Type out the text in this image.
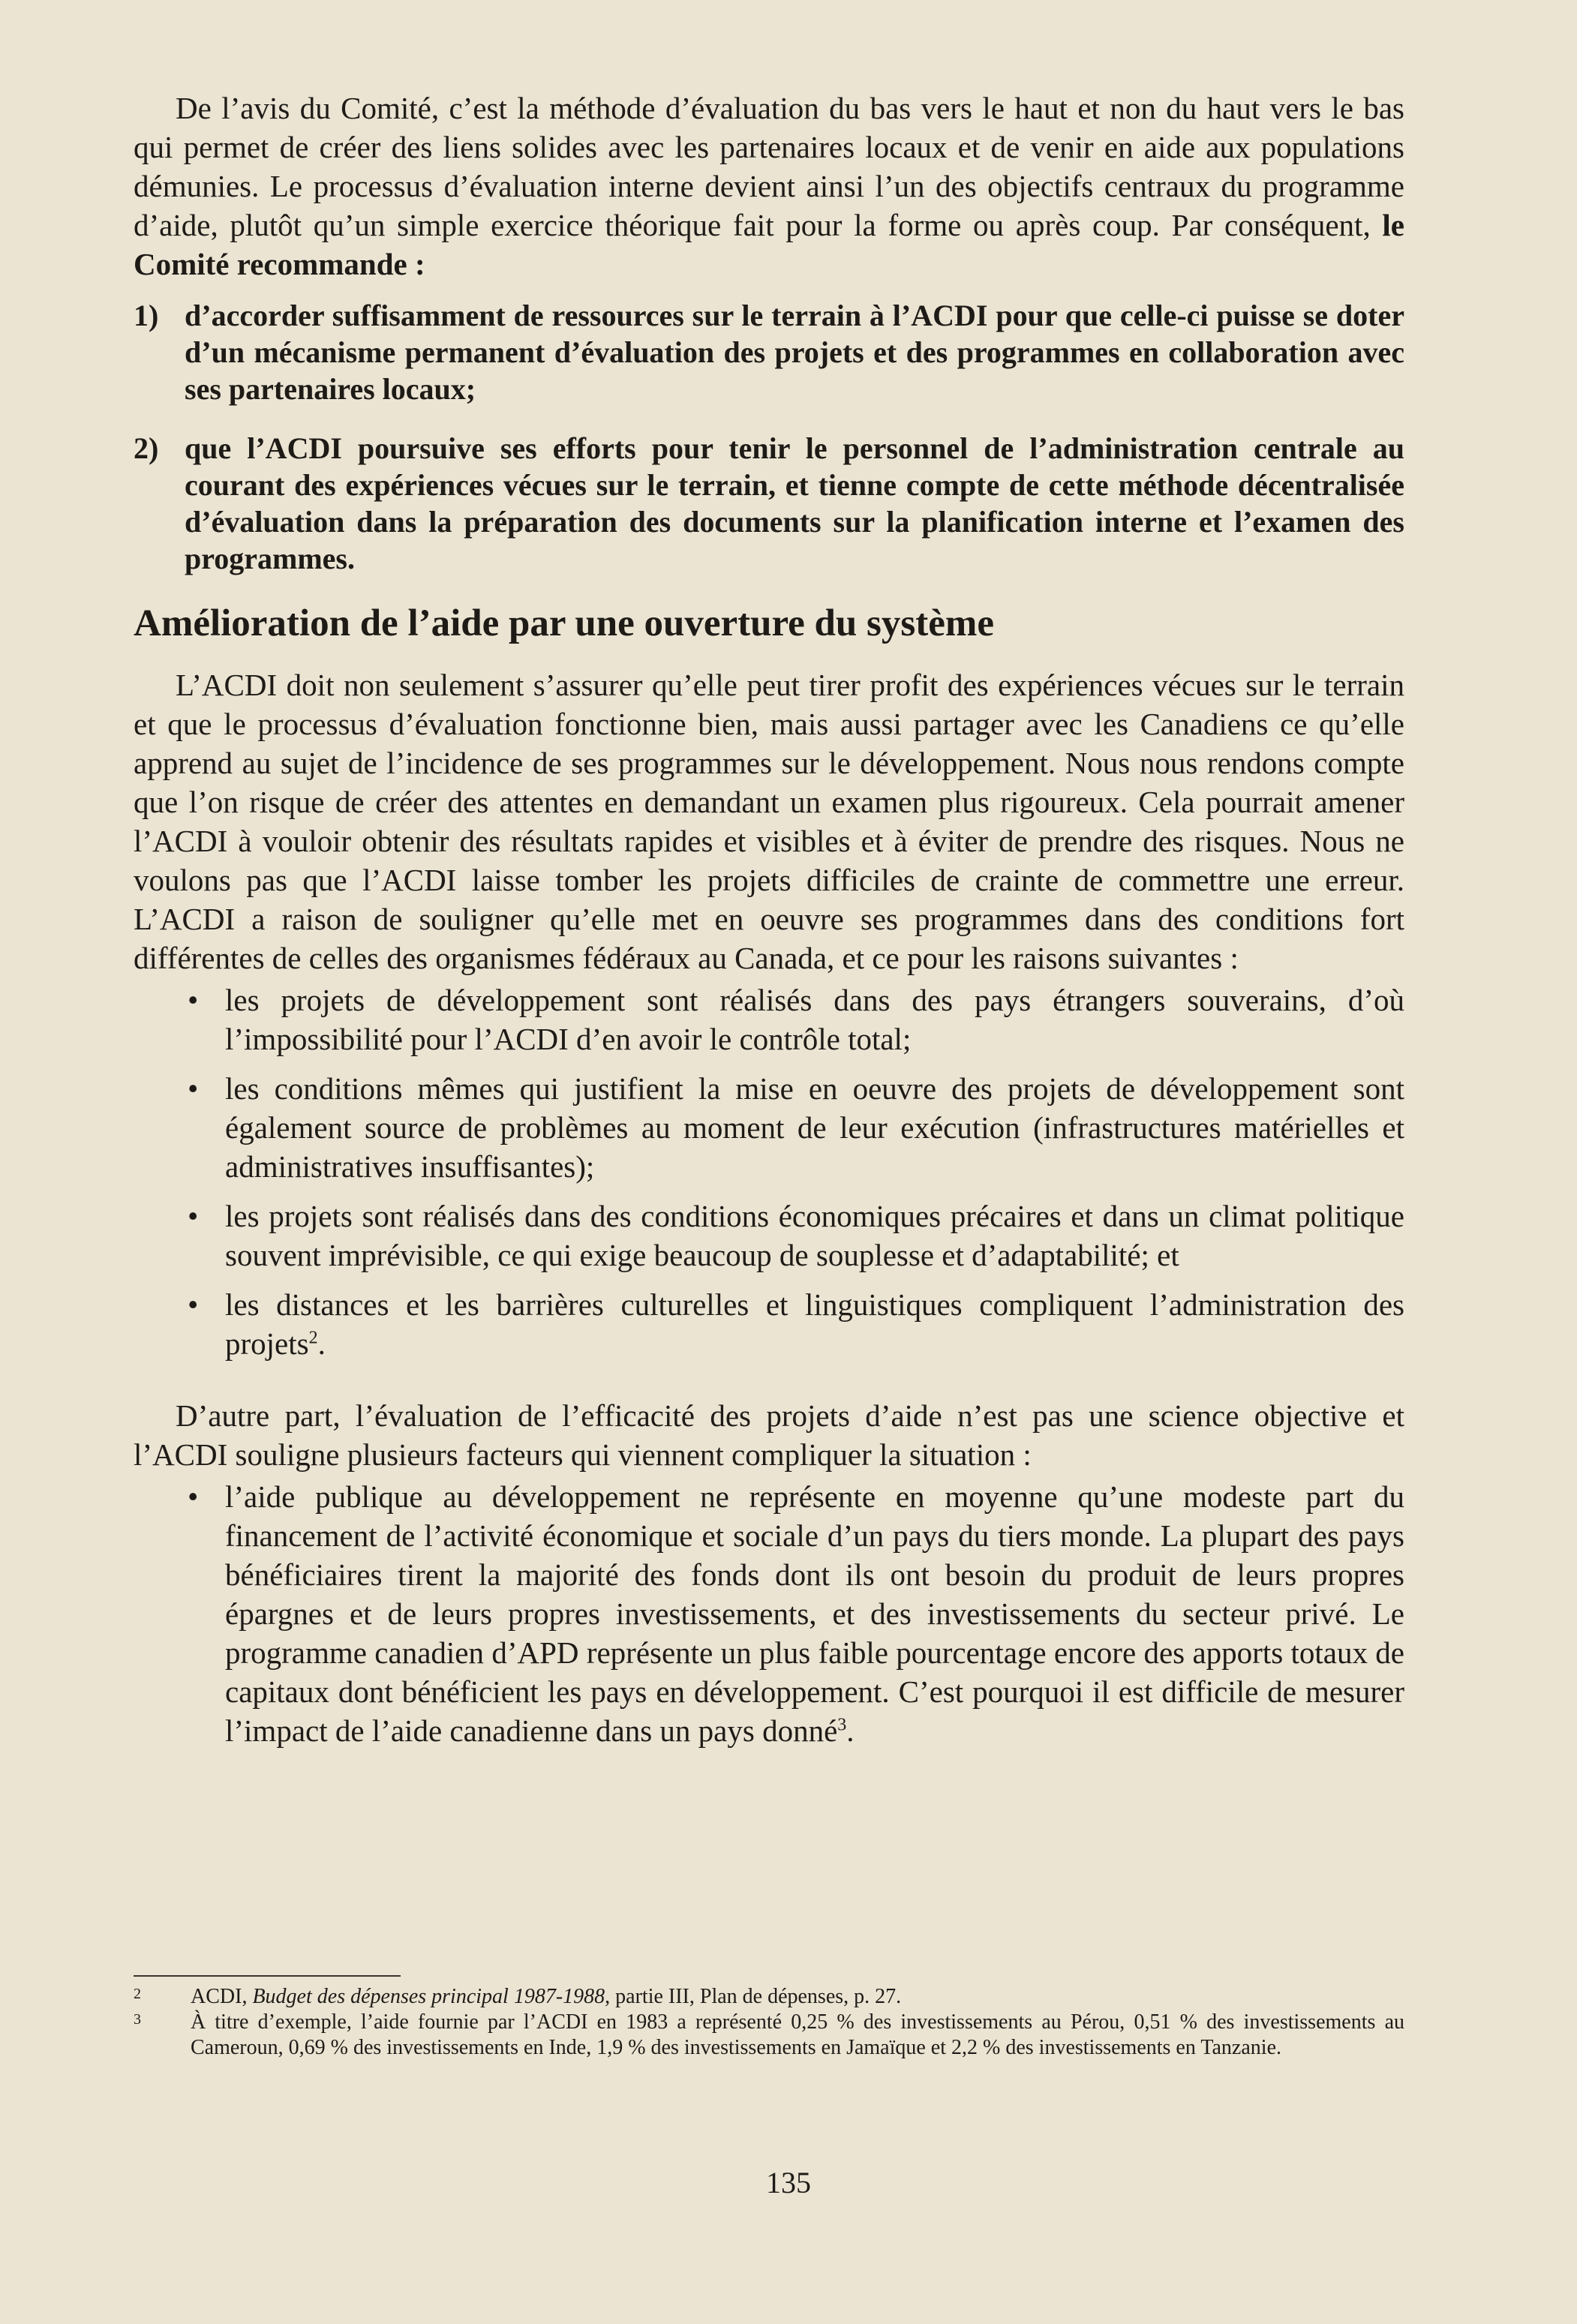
De l’avis du Comité, c’est la méthode d’évaluation du bas vers le haut et non du haut vers le bas qui permet de créer des liens solides avec les partenaires locaux et de venir en aide aux populations démunies. Le processus d’évaluation interne devient ainsi l’un des objectifs centraux du programme d’aide, plutôt qu’un simple exercice théorique fait pour la forme ou après coup. Par conséquent, le Comité recommande :

1) d’accorder suffisamment de ressources sur le terrain à l’ACDI pour que celle-ci puisse se doter d’un mécanisme permanent d’évaluation des projets et des programmes en collaboration avec ses partenaires locaux;
2) que l’ACDI poursuive ses efforts pour tenir le personnel de l’administration centrale au courant des expériences vécues sur le terrain, et tienne compte de cette méthode décentralisée d’évaluation dans la préparation des documents sur la planification interne et l’examen des programmes.
Amélioration de l’aide par une ouverture du système

L’ACDI doit non seulement s’assurer qu’elle peut tirer profit des expériences vécues sur le terrain et que le processus d’évaluation fonctionne bien, mais aussi partager avec les Canadiens ce qu’elle apprend au sujet de l’incidence de ses programmes sur le développement. Nous nous rendons compte que l’on risque de créer des attentes en demandant un examen plus rigoureux. Cela pourrait amener l’ACDI à vouloir obtenir des résultats rapides et visibles et à éviter de prendre des risques. Nous ne voulons pas que l’ACDI laisse tomber les projets difficiles de crainte de commettre une erreur. L’ACDI a raison de souligner qu’elle met en oeuvre ses programmes dans des conditions fort différentes de celles des organismes fédéraux au Canada, et ce pour les raisons suivantes :

• les projets de développement sont réalisés dans des pays étrangers souverains, d’où l’impossibilité pour l’ACDI d’en avoir le contrôle total;
• les conditions mêmes qui justifient la mise en oeuvre des projets de développement sont également source de problèmes au moment de leur exécution (infrastructures matérielles et administratives insuffisantes);
• les projets sont réalisés dans des conditions économiques précaires et dans un climat politique souvent imprévisible, ce qui exige beaucoup de souplesse et d’adaptabilité; et
• les distances et les barrières culturelles et linguistiques compliquent l’administration des projets$^2$.

D’autre part, l’évaluation de l’efficacité des projets d’aide n’est pas une science objective et l’ACDI souligne plusieurs facteurs qui viennent compliquer la situation :

• l’aide publique au développement ne représente en moyenne qu’une modeste part du financement de l’activité économique et sociale d’un pays du tiers monde. La plupart des pays bénéficiaires tirent la majorité des fonds dont ils ont besoin du produit de leurs propres épargnes et de leurs propres investissements, et des investissements du secteur privé. Le programme canadien d’APD représente un plus faible pourcentage encore des apports totaux de capitaux dont bénéficient les pays en développement. C’est pourquoi il est difficile de mesurer l’impact de l’aide canadienne dans un pays donné$^3$.
2 ACDI, Budget des dépenses principal 1987-1988, partie III, Plan de dépenses, p. 27.
3 À titre d’exemple, l’aide fournie par l’ACDI en 1983 a représenté 0,25 % des investissements au Pérou, 0,51 % des investissements au Cameroun, 0,69 % des investissements en Inde, 1,9 % des investissements en Jamaïque et 2,2 % des investissements en Tanzanie.
135
